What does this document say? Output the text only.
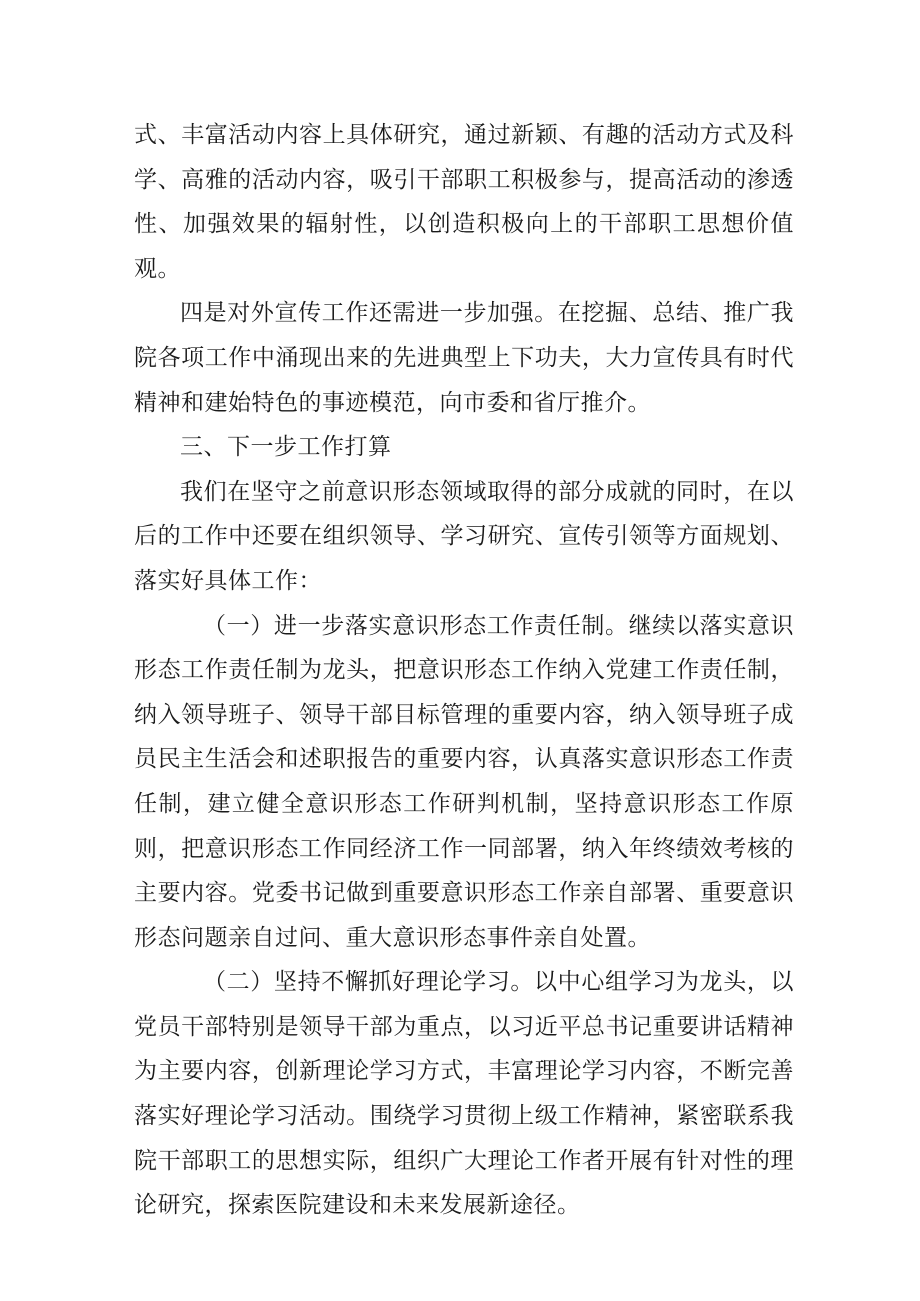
式、丰富活动内容上具体研究，通过新颖、有趣的活动方式及科学、高雅的活动内容，吸引干部职工积极参与，提高活动的渗透性、加强效果的辐射性，以创造积极向上的干部职工思想价值观。

四是对外宣传工作还需进一步加强。在挖掘、总结、推广我院各项工作中涌现出来的先进典型上下功夫，大力宣传具有时代精神和建始特色的事迹模范，向市委和省厅推介。

三、下一步工作打算

我们在坚守之前意识形态领域取得的部分成就的同时，在以后的工作中还要在组织领导、学习研究、宣传引领等方面规划、落实好具体工作：

（一）进一步落实意识形态工作责任制。继续以落实意识形态工作责任制为龙头，把意识形态工作纳入党建工作责任制，纳入领导班子、领导干部目标管理的重要内容，纳入领导班子成员民主生活会和述职报告的重要内容，认真落实意识形态工作责任制，建立健全意识形态工作研判机制，坚持意识形态工作原则，把意识形态工作同经济工作一同部署，纳入年终绩效考核的主要内容。党委书记做到重要意识形态工作亲自部署、重要意识形态问题亲自过问、重大意识形态事件亲自处置。

（二）坚持不懈抓好理论学习。以中心组学习为龙头，以党员干部特别是领导干部为重点，以习近平总书记重要讲话精神为主要内容，创新理论学习方式，丰富理论学习内容，不断完善落实好理论学习活动。围绕学习贯彻上级工作精神，紧密联系我院干部职工的思想实际，组织广大理论工作者开展有针对性的理论研究，探索医院建设和未来发展新途径。
